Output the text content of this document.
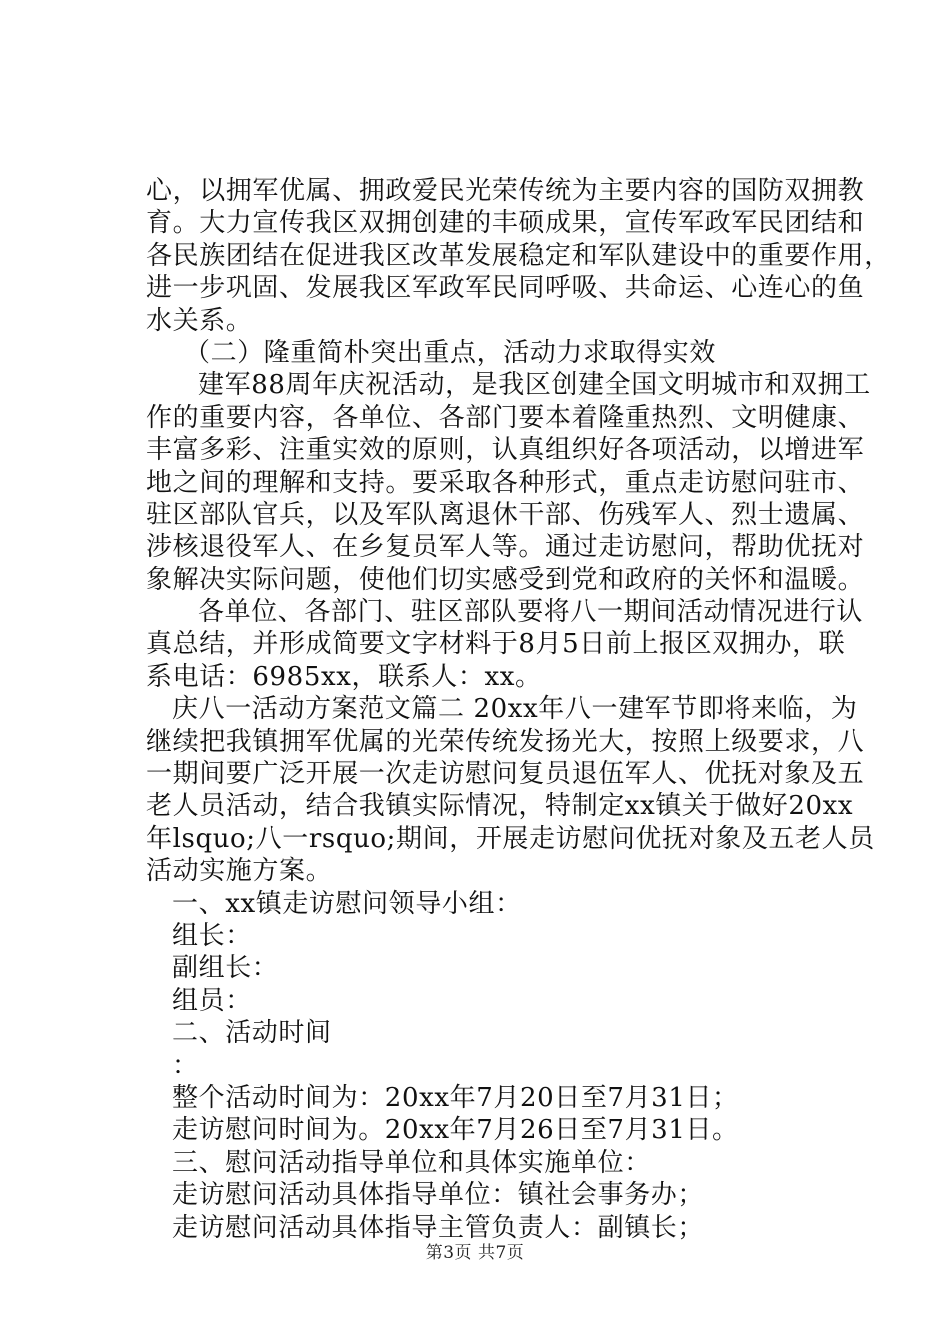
心，以拥军优属、拥政爱民光荣传统为主要内容的国防双拥教
育。大力宣传我区双拥创建的丰硕成果，宣传军政军民团结和
各民族团结在促进我区改革发展稳定和军队建设中的重要作用，
进一步巩固、发展我区军政军民同呼吸、共命运、心连心的鱼
水关系。
（二）隆重简朴突出重点，活动力求取得实效
建军88周年庆祝活动，是我区创建全国文明城市和双拥工
作的重要内容，各单位、各部门要本着隆重热烈、文明健康、
丰富多彩、注重实效的原则，认真组织好各项活动，以增进军
地之间的理解和支持。要采取各种形式，重点走访慰问驻市、
驻区部队官兵，以及军队离退休干部、伤残军人、烈士遗属、
涉核退役军人、在乡复员军人等。通过走访慰问，帮助优抚对
象解决实际问题，使他们切实感受到党和政府的关怀和温暖。
各单位、各部门、驻区部队要将八一期间活动情况进行认
真总结，并形成简要文字材料于8月5日前上报区双拥办，联
系电话：6985xx，联系人：xx。
庆八一活动方案范文篇二 20xx年八一建军节即将来临，为
继续把我镇拥军优属的光荣传统发扬光大，按照上级要求，八
一期间要广泛开展一次走访慰问复员退伍军人、优抚对象及五
老人员活动，结合我镇实际情况，特制定xx镇关于做好20xx
年lsquo;八一rsquo;期间，开展走访慰问优抚对象及五老人员
活动实施方案。
一、xx镇走访慰问领导小组：
组长：
副组长：
组员：
二、活动时间
：
整个活动时间为：20xx年7月20日至7月31日；
走访慰问时间为。20xx年7月26日至7月31日。
三、慰问活动指导单位和具体实施单位：
走访慰问活动具体指导单位：镇社会事务办；
走访慰问活动具体指导主管负责人：副镇长；
第3页 共7页
